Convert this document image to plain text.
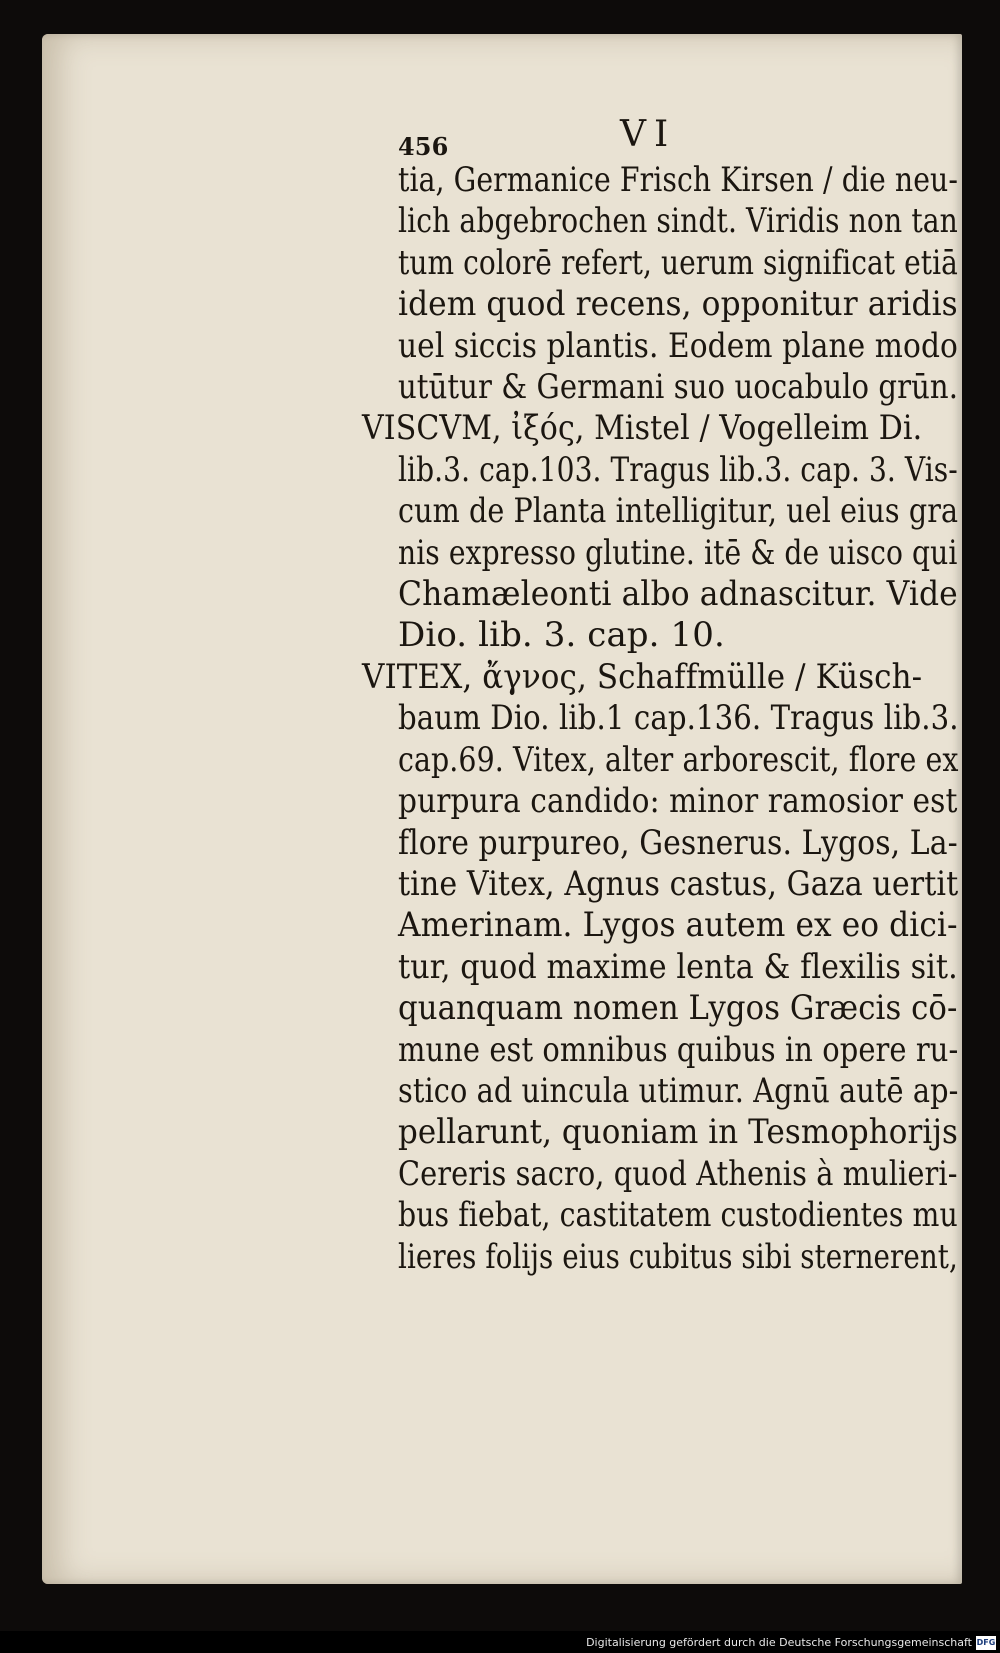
456	VI
tia, Germanice Frisch Kirsen / die neu‑
lich abgebrochen sindt. Viridis non tan
tum colorē refert, uerum significat etiā
idem quod recens, opponitur aridis
uel siccis plantis. Eodem plane modo
utūtur & Germani suo uocabulo grūn.
VISCVM, ἰξός, Mistel / Vogelleim Di.
lib.3. cap.103. Tragus lib.3. cap. 3. Vis‑
cum de Planta intelligitur, uel eius gra
nis expresso glutine. itē & de uisco qui
Chamæleonti albo adnascitur. Vide
Dio. lib. 3. cap. 10.
VITEX, ἄγνος, Schaffmülle / Küsch‑
baum Dio. lib.1 cap.136. Tragus lib.3.
cap.69. Vitex, alter arborescit, flore ex
purpura candido: minor ramosior est
flore purpureo, Gesnerus. Lygos, La‑
tine Vitex, Agnus castus, Gaza uertit
Amerinam. Lygos autem ex eo dici‑
tur, quod maxime lenta & flexilis sit.
quanquam nomen Lygos Græcis cō‑
mune est omnibus quibus in opere ru‑
stico ad uincula utimur. Agnū autē ap‑
pellarunt, quoniam in Tesmophorijs
Cereris sacro, quod Athenis à mulieri‑
bus fiebat, castitatem custodientes mu
lieres folijs eius cubitus sibi sternerent,
Digitalisierung gefördert durch die Deutsche Forschungsgemeinschaft DFG
